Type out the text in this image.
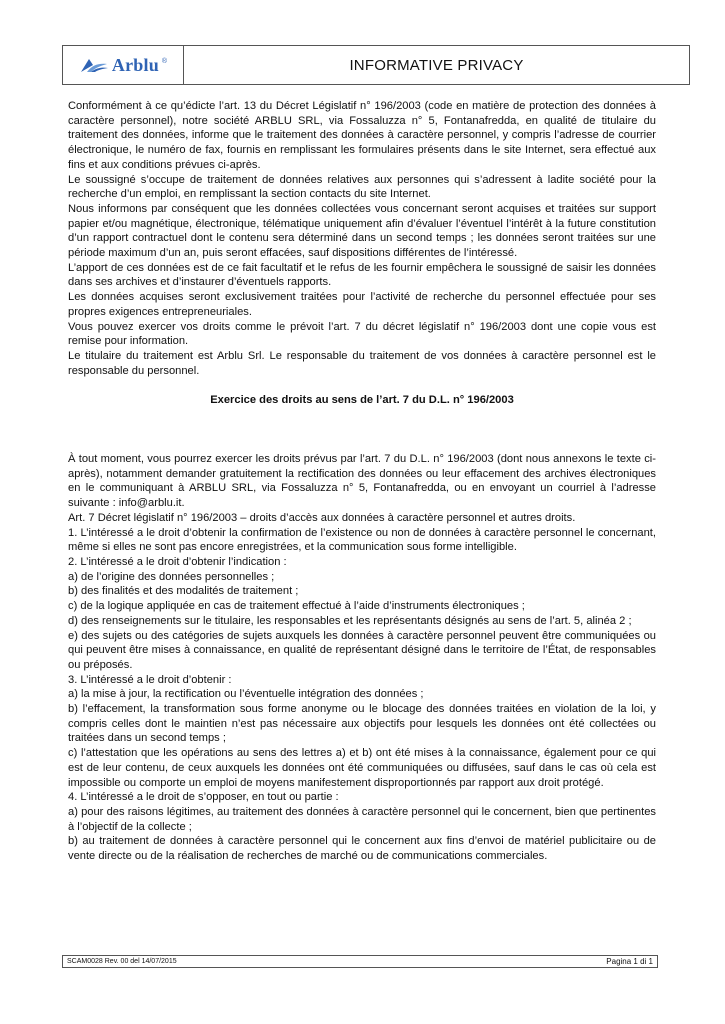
Arblu ®	INFORMATIVE PRIVACY

Conformément à ce qu’édicte l’art. 13 du Décret Législatif n° 196/2003 (code en matière de protection des données à caractère personnel), notre société ARBLU SRL, via Fossaluzza n° 5, Fontanafredda, en qualité de titulaire du traitement des données, informe que le traitement des données à caractère personnel, y compris l’adresse de courrier électronique, le numéro de fax, fournis en remplissant les formulaires présents dans le site Internet, sera effectué aux fins et aux conditions prévues ci-après.

Le soussigné s’occupe de traitement de données relatives aux personnes qui s’adressent à ladite société pour la recherche d’un emploi, en remplissant la section contacts du site Internet.

Nous informons par conséquent que les données collectées vous concernant seront acquises et traitées sur support papier et/ou magnétique, électronique, télématique uniquement afin d’évaluer l’éventuel l’intérêt à la future constitution d’un rapport contractuel dont le contenu sera déterminé dans un second temps ; les données seront traitées sur une période maximum d’un an, puis seront effacées, sauf dispositions différentes de l’intéressé.

L’apport de ces données est de ce fait facultatif et le refus de les fournir empêchera le soussigné de saisir les données dans ses archives et d’instaurer d’éventuels rapports.

Les données acquises seront exclusivement traitées pour l’activité de recherche du personnel effectuée pour ses propres exigences entrepreneuriales.

Vous pouvez exercer vos droits comme le prévoit l’art. 7 du décret législatif n° 196/2003 dont une copie vous est remise pour information.

Le titulaire du traitement est Arblu Srl. Le responsable du traitement de vos données à caractère personnel est le responsable du personnel.

Exercice des droits au sens de l’art. 7 du D.L. n° 196/2003

À tout moment, vous pourrez exercer les droits prévus par l’art. 7 du D.L. n° 196/2003 (dont nous annexons le texte ci-après), notamment demander gratuitement la rectification des données ou leur effacement des archives électroniques en le communiquant à ARBLU SRL, via Fossaluzza n° 5, Fontanafredda, ou en envoyant un courriel à l’adresse suivante : info@arblu.it.

Art. 7 Décret législatif n° 196/2003 – droits d’accès aux données à caractère personnel et autres droits.

1. L’intéressé a le droit d’obtenir la confirmation de l’existence ou non de données à caractère personnel le concernant, même si elles ne sont pas encore enregistrées, et la communication sous forme intelligible.

2. L’intéressé a le droit d’obtenir l’indication :

a) de l’origine des données personnelles ;

b) des finalités et des modalités de traitement ;

c) de la logique appliquée en cas de traitement effectué à l’aide d’instruments électroniques ;

d) des renseignements sur le titulaire, les responsables et les représentants désignés au sens de l’art. 5, alinéa 2 ;

e) des sujets ou des catégories de sujets auxquels les données à caractère personnel peuvent être communiquées ou qui peuvent être mises à connaissance, en qualité de représentant désigné dans le territoire de l’État, de responsables ou préposés.

3. L’intéressé a le droit d’obtenir :

a) la mise à jour, la rectification ou l’éventuelle intégration des données ;

b) l’effacement, la transformation sous forme anonyme ou le blocage des données traitées en violation de la loi, y compris celles dont le maintien n’est pas nécessaire aux objectifs pour lesquels les données ont été collectées ou traitées dans un second temps ;

c) l’attestation que les opérations au sens des lettres a) et b) ont été mises à la connaissance, également pour ce qui est de leur contenu, de ceux auxquels les données ont été communiquées ou diffusées, sauf dans le cas où cela est impossible ou comporte un emploi de moyens manifestement disproportionnés par rapport aux droit protégé.

4. L’intéressé a le droit de s’opposer, en tout ou partie :

a) pour des raisons légitimes, au traitement des données à caractère personnel qui le concernent, bien que pertinentes à l’objectif de la collecte ;

b) au traitement de données à caractère personnel qui le concernent aux fins d’envoi de matériel publicitaire ou de vente directe ou de la réalisation de recherches de marché ou de communications commerciales.

SCAM0028 Rev. 00 del 14/07/2015	Pagina 1 di 1
